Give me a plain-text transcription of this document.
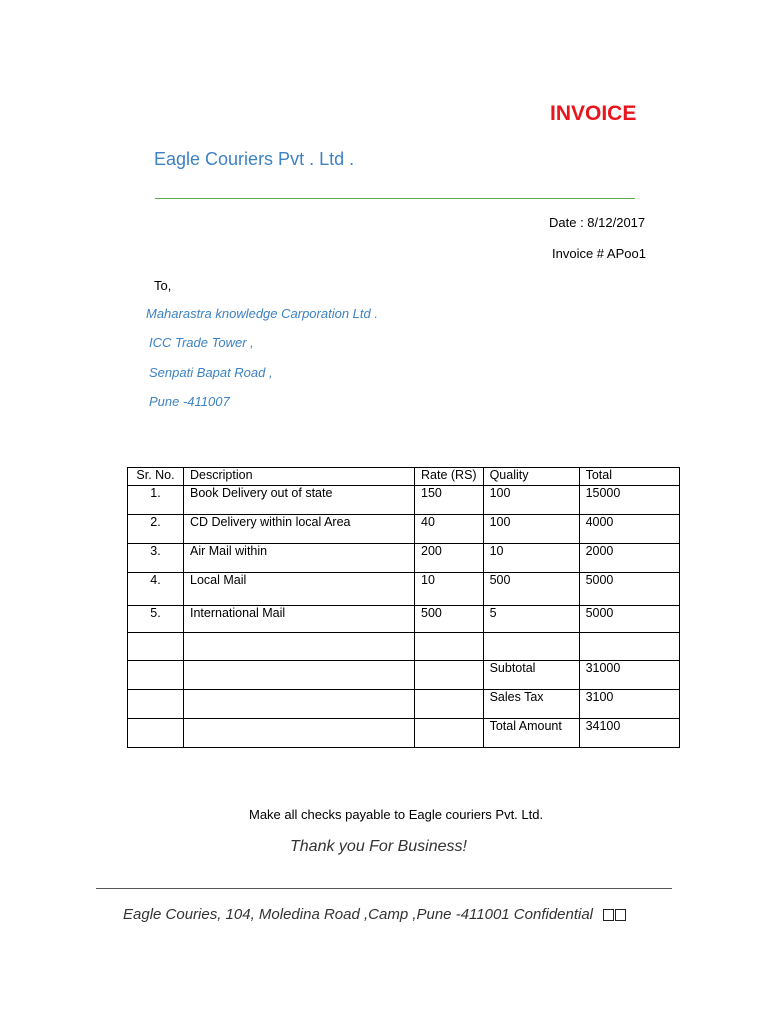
INVOICE
Eagle Couriers Pvt . Ltd .
Date : 8/12/2017
Invoice # APoo1
To,
Maharastra knowledge Carporation Ltd .
ICC Trade Tower ,
Senpati Bapat Road ,
Pune -411007
Sr. No.	Description	Rate (RS)	Quality	Total
1.	Book Delivery out of state	150	100	15000
2.	CD Delivery within local Area	40	100	4000
3.	Air Mail within	200	10	2000
4.	Local Mail	10	500	5000
5.	International Mail	500	5	5000

			Subtotal	31000
			Sales Tax	3100
			Total Amount	34100
Make all checks payable to Eagle couriers Pvt. Ltd.
Thank you For Business!
Eagle Couries, 104, Moledina Road ,Camp ,Pune -411001 Confidential
